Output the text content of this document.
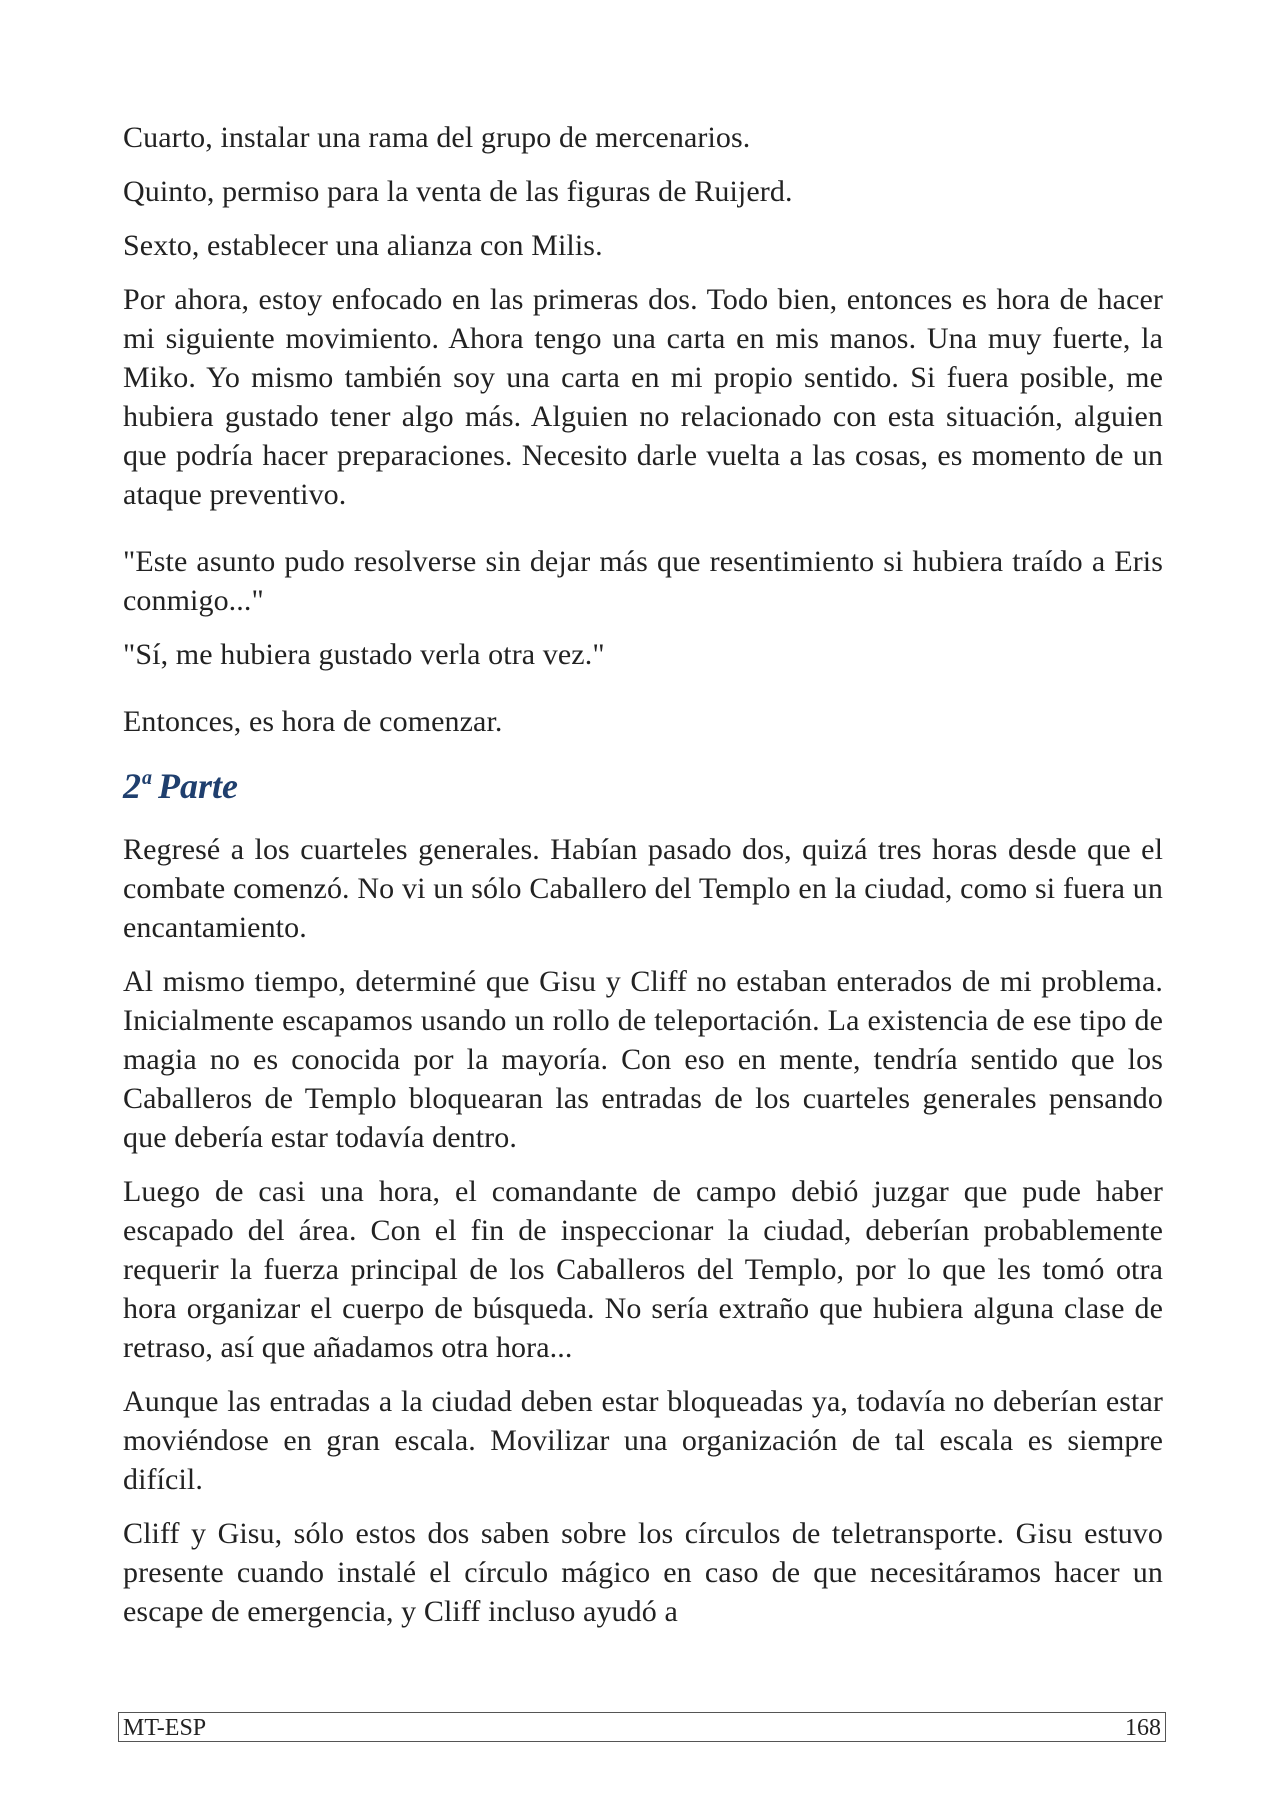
Cuarto, instalar una rama del grupo de mercenarios.

Quinto, permiso para la venta de las figuras de Ruijerd.

Sexto, establecer una alianza con Milis.

Por ahora, estoy enfocado en las primeras dos. Todo bien, entonces es hora de hacer mi siguiente movimiento. Ahora tengo una carta en mis manos. Una muy fuerte, la Miko. Yo mismo también soy una carta en mi propio sentido. Si fuera posible, me hubiera gustado tener algo más. Alguien no relacionado con esta situación, alguien que podría hacer preparaciones. Necesito darle vuelta a las cosas, es momento de un ataque preventivo.

"Este asunto pudo resolverse sin dejar más que resentimiento si hubiera traído a Eris conmigo..."

"Sí, me hubiera gustado verla otra vez."

Entonces, es hora de comenzar.

2$^a$ Parte

Regresé a los cuarteles generales. Habían pasado dos, quizá tres horas desde que el combate comenzó. No vi un sólo Caballero del Templo en la ciudad, como si fuera un encantamiento.

Al mismo tiempo, determiné que Gisu y Cliff no estaban enterados de mi problema. Inicialmente escapamos usando un rollo de teleportación. La existencia de ese tipo de magia no es conocida por la mayoría. Con eso en mente, tendría sentido que los Caballeros de Templo bloquearan las entradas de los cuarteles generales pensando que debería estar todavía dentro.

Luego de casi una hora, el comandante de campo debió juzgar que pude haber escapado del área. Con el fin de inspeccionar la ciudad, deberían probablemente requerir la fuerza principal de los Caballeros del Templo, por lo que les tomó otra hora organizar el cuerpo de búsqueda. No sería extraño que hubiera alguna clase de retraso, así que añadamos otra hora...

Aunque las entradas a la ciudad deben estar bloqueadas ya, todavía no deberían estar moviéndose en gran escala. Movilizar una organización de tal escala es siempre difícil.

Cliff y Gisu, sólo estos dos saben sobre los círculos de teletransporte. Gisu estuvo presente cuando instalé el círculo mágico en caso de que necesitáramos hacer un escape de emergencia, y Cliff incluso ayudó a

MT-ESP	168
